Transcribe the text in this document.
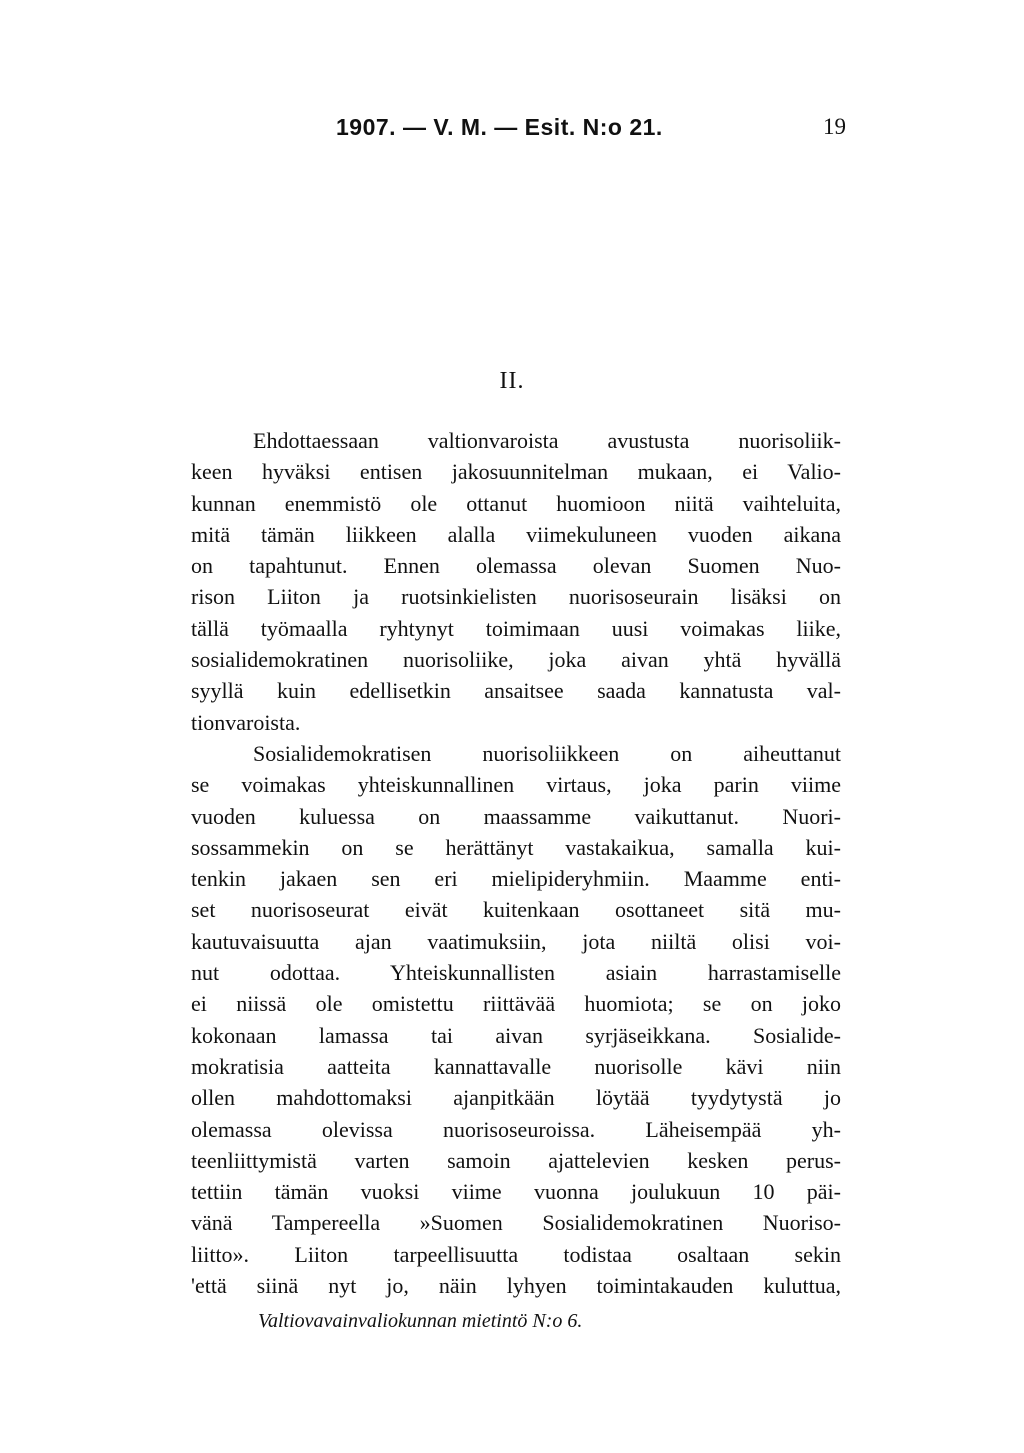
1907. — V. M. — Esit. N:o 21.	19
II.
Ehdottaessaan valtionvaroista avustusta nuorisoliik-
keen hyväksi entisen jakosuunnitelman mukaan, ei Valio-
kunnan enemmistö ole ottanut huomioon niitä vaihteluita,
mitä tämän liikkeen alalla viimekuluneen vuoden aikana
on tapahtunut. Ennen olemassa olevan Suomen Nuo-
rison Liiton ja ruotsinkielisten nuorisoseurain lisäksi on
tällä työmaalla ryhtynyt toimimaan uusi voimakas liike,
sosialidemokratinen nuorisoliike, joka aivan yhtä hyvällä
syyllä kuin edellisetkin ansaitsee saada kannatusta val-
tionvaroista.
Sosialidemokratisen nuorisoliikkeen on aiheuttanut
se voimakas yhteiskunnallinen virtaus, joka parin viime
vuoden kuluessa on maassamme vaikuttanut. Nuori-
sossammekin on se herättänyt vastakaikua, samalla kui-
tenkin jakaen sen eri mielipideryhmiin. Maamme enti-
set nuorisoseurat eivät kuitenkaan osottaneet sitä mu-
kautuvaisuutta ajan vaatimuksiin, jota niiltä olisi voi-
nut odottaa. Yhteiskunnallisten asiain harrastamiselle
ei niissä ole omistettu riittävää huomiota; se on joko
kokonaan lamassa tai aivan syrjäseikkana. Sosialide-
mokratisia aatteita kannattavalle nuorisolle kävi niin
ollen mahdottomaksi ajanpitkään löytää tyydytystä jo
olemassa olevissa nuorisoseuroissa. Läheisempää yh-
teenliittymistä varten samoin ajattelevien kesken perus-
tettiin tämän vuoksi viime vuonna joulukuun 10 päi-
vänä Tampereella »Suomen Sosialidemokratinen Nuoriso-
liitto». Liiton tarpeellisuutta todistaa osaltaan sekin
'että siinä nyt jo, näin lyhyen toimintakauden kuluttua,
Valtiovavainvaliokunnan mietintö N:o 6.
